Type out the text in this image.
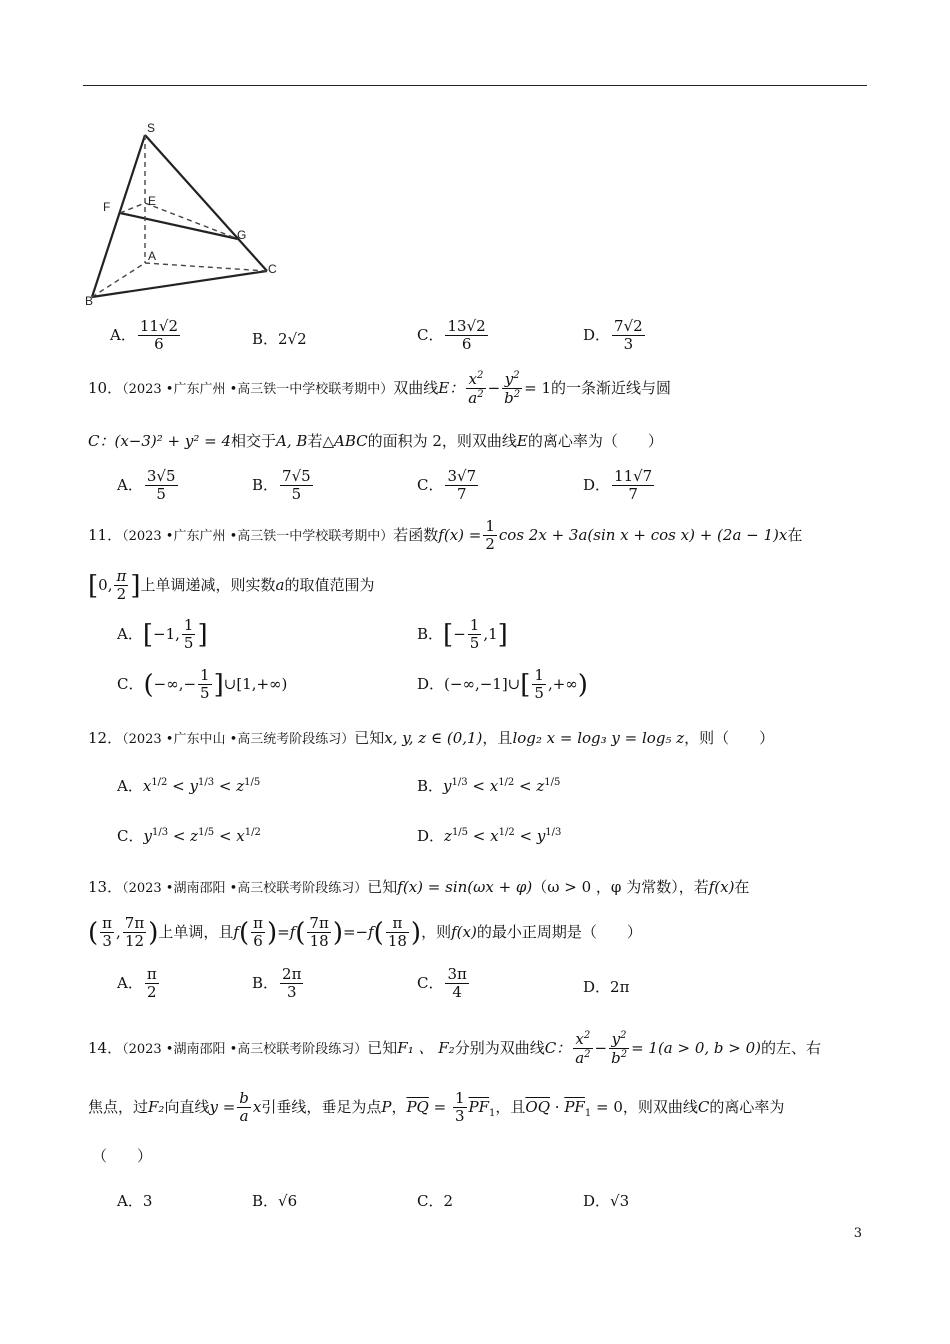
S
E
F
G
A
C
B
A． $\frac{11√2}{6}$	B．2√2	C． $\frac{13√2}{6}$	D． $\frac{7√2}{3}$
10．（2023 •广东广州 •高三铁一中学校联考期中）双曲线E： $\frac{x^2}{a^2} - \frac{y^2}{b^2} = 1$的一条渐近线与圆
C：(x−3)² + y² = 4相交于A, B若△ABC的面积为 2，则双曲线E的离心率为（　　）
A． $\frac{3√5}{5}$	B． $\frac{7√5}{5}$	C． $\frac{3√7}{7}$	D． $\frac{11√7}{7}$
11．（2023 •广东广州 •高三铁一中学校联考期中）若函数$f(x) = \frac{1}{2}$ cos 2x + 3a(sin x + cos x) + (2a − 1)x在
[0, $\frac{\pi}{2}$ ]上单调递减，则实数a的取值范围为
A．[−1, $\frac{1}{5}$ ]	B．[− $\frac{1}{5} ,1$]
C．(−∞,− $\frac{1}{5}$ ]∪[1,+∞)	D．(−∞,−1]∪[ $\frac{1}{5}$ ,+∞)
12．（2023 •广东中山 •高三统考阶段练习）已知x, y, z ∈ (0,1)，且log₂ x = log₃ y = log₅ z，则（　　）
A．$x^{1/2} < y^{1/3} < z^{1/5}$	B．$y^{1/3} < x^{1/2} < z^{1/5}$
C．$y^{1/3} < z^{1/5} < x^{1/2}$	D．$z^{1/5} < x^{1/2} < y^{1/3}$
13．（2023 •湖南邵阳 •高三校联考阶段练习）已知f(x) = sin(ωx + φ)（ω > 0 ，φ 为常数），若f(x)在
( $\frac{\pi}{3}$ , $\frac{7\pi}{12}$ )上单调，且$f( \frac{\pi}{6} )=f( \frac{7\pi}{18} )=-f( \frac{\pi}{18}$ )，则f(x)的最小正周期是（　　）
A． $\frac{\pi}{2}$	B． $\frac{2\pi}{3}$	C． $\frac{3\pi}{4}$	D．2π
14．（2023 •湖南邵阳 •高三校联考阶段练习）已知F₁ 、 F₂分别为双曲线C： $\frac{x^2}{a^2} - \frac{y^2}{b^2} = 1(a > 0$, b > 0)的左、右
焦点，过F₂向直线$y = \frac{b}{a}$ x引垂线，垂足为点P，$\overline{PQ} = \frac{1}{3} \overline{PF}_1$，且$\overline{OQ} \cdot \overline{PF}_1 = 0$，则双曲线C的离心率为
（　　）
A．3	B．√6	C．2	D．√3
3
